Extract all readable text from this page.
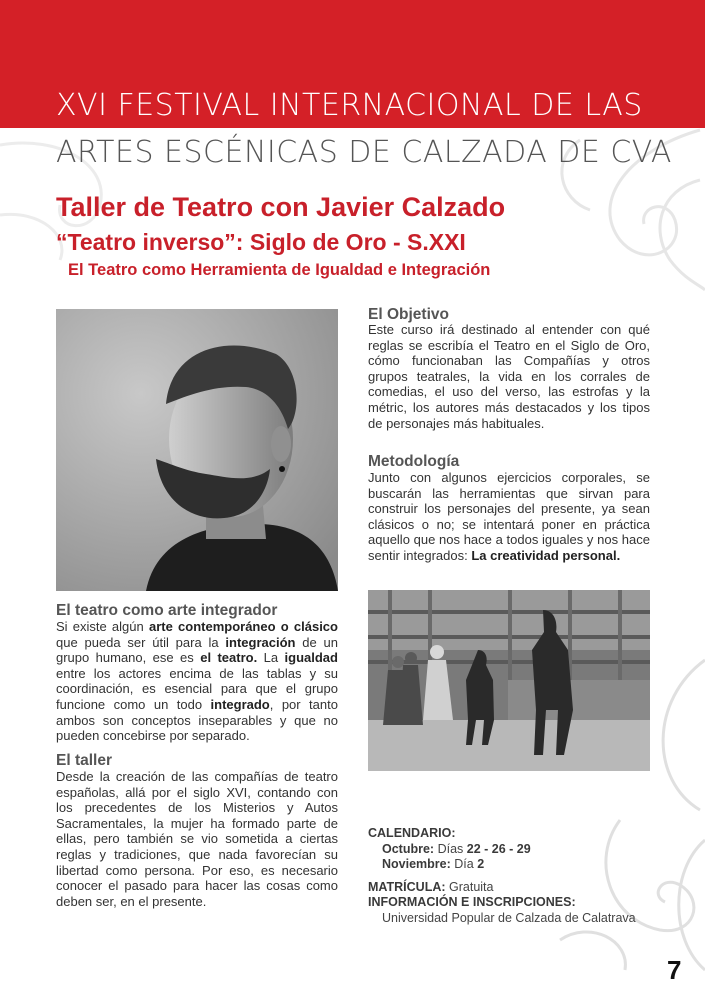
XVI FESTIVAL INTERNACIONAL DE LAS
ARTES ESCÉNICAS DE CALZADA DE CVA
Taller de Teatro con Javier Calzado
“Teatro inverso”: Siglo de Oro - S.XXI
El Teatro como Herramienta de Igualdad e Integración
El Objetivo
Este curso irá destinado al entender con qué reglas se escribía el Teatro en el Siglo de Oro, cómo funcionaban las Compañías y otros grupos teatrales, la vida en los corrales de comedias, el uso del verso, las estrofas y la métric, los autores más destacados y los tipos de personajes más habituales.
Metodología
Junto con algunos ejercicios corporales, se buscarán las herramientas que sirvan para construir los personajes del presente, ya sean clásicos o no; se intentará poner en práctica aquello que nos hace a todos iguales y nos hace sentir integrados: La creatividad personal.
El teatro como arte integrador
Si existe algún arte contemporáneo o clásico que pueda ser útil para la integración de un grupo humano, ese es el teatro. La igualdad entre los actores encima de las tablas y su coordinación, es esencial para que el grupo funcione como un todo integrado, por tanto ambos son conceptos inseparables y que no pueden concebirse por separado.
El taller
Desde la creación de las compañías de teatro españolas, allá por el siglo XVI, contando con los precedentes de los Misterios y Autos Sacramentales, la mujer ha formado parte de ellas, pero también se vio sometida a ciertas reglas y tradiciones, que nada favorecían su libertad como persona. Por eso, es necesario conocer el pasado para hacer las cosas como deben ser, en el presente.
CALENDARIO:
Octubre: Días 22 - 26 - 29
Noviembre: Día 2
MATRÍCULA: Gratuita
INFORMACIÓN E INSCRIPCIONES:
Universidad Popular de Calzada de Calatrava
7
